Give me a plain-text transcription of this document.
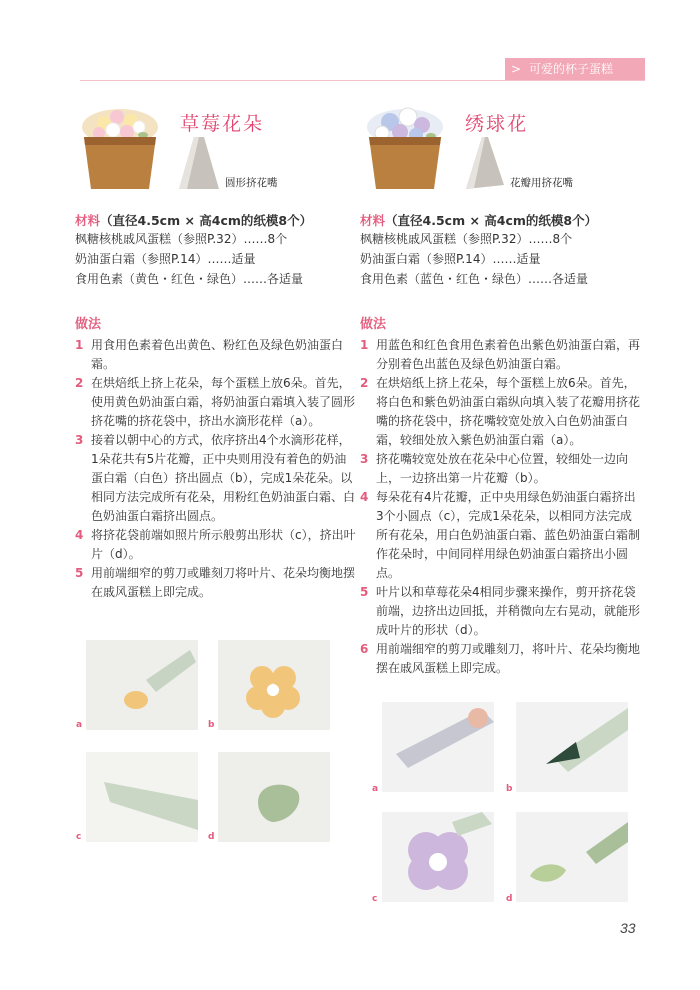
> 可爱的杯子蛋糕
草莓花朵
圆形挤花嘴
材料（直径4.5cm × 高4cm的纸模8个）
枫糖核桃戚风蛋糕（参照P.32）……8个
奶油蛋白霜（参照P.14）……适量
食用色素（黄色・红色・绿色）……各适量
做法
1 用食用色素着色出黄色、粉红色及绿色奶油蛋白霜。
2 在烘焙纸上挤上花朵，每个蛋糕上放6朵。首先，使用黄色奶油蛋白霜，将奶油蛋白霜填入装了圆形挤花嘴的挤花袋中，挤出水滴形花样（a）。
3 接着以朝中心的方式，依序挤出4个水滴形花样，1朵花共有5片花瓣，正中央则用没有着色的奶油蛋白霜（白色）挤出圆点（b），完成1朵花朵。以相同方法完成所有花朵，用粉红色奶油蛋白霜、白色奶油蛋白霜挤出圆点。
4 将挤花袋前端如照片所示般剪出形状（c），挤出叶片（d）。
5 用前端细窄的剪刀或雕刻刀将叶片、花朵均衡地摆在戚风蛋糕上即完成。
绣球花
花瓣用挤花嘴
材料（直径4.5cm × 高4cm的纸模8个）
枫糖核桃戚风蛋糕（参照P.32）……8个
奶油蛋白霜（参照P.14）……适量
食用色素（蓝色・红色・绿色）……各适量
做法
1 用蓝色和红色食用色素着色出紫色奶油蛋白霜，再分别着色出蓝色及绿色奶油蛋白霜。
2 在烘焙纸上挤上花朵，每个蛋糕上放6朵。首先，将白色和紫色奶油蛋白霜纵向填入装了花瓣用挤花嘴的挤花袋中，挤花嘴较宽处放入白色奶油蛋白霜，较细处放入紫色奶油蛋白霜（a）。
3 挤花嘴较宽处放在花朵中心位置，较细处一边向上，一边挤出第一片花瓣（b）。
4 每朵花有4片花瓣，正中央用绿色奶油蛋白霜挤出3个小圆点（c），完成1朵花朵，以相同方法完成所有花朵，用白色奶油蛋白霜、蓝色奶油蛋白霜制作花朵时，中间同样用绿色奶油蛋白霜挤出小圆点。
5 叶片以和草莓花朵4相同步骤来操作，剪开挤花袋前端，边挤出边回抵，并稍微向左右晃动，就能形成叶片的形状（d）。
6 用前端细窄的剪刀或雕刻刀，将叶片、花朵均衡地摆在戚风蛋糕上即完成。
a	b
c	d
a	b
c	d
33
